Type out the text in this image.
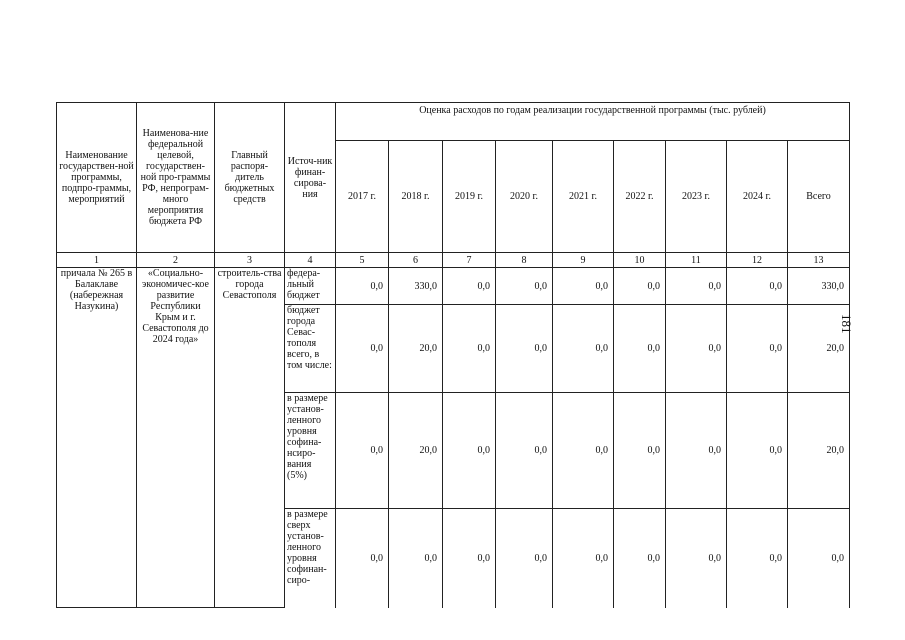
Наименование государствен-ной программы, подпро-граммы, мероприятий	Наименова-ние федеральной целевой, государствен-ной про-граммы РФ, непрограм-много мероприятия бюджета РФ	Главный распоря-дитель бюджетных средств	Источ-ник финан-сирова-ния	Оценка расходов по годам реализации государственной программы (тыс. рублей)								
				2017 г.	2018 г.	2019 г.	2020 г.	2021 г.	2022 г.	2023 г.	2024 г.	Всего
1	2	3	4	5	6	7	8	9	10	11	12	13
причала № 265 в Балаклаве (набережная Назукина)	«Социально-экономичес-кое развитие Республики Крым и г. Севастополя до 2024 года»	строитель-ства города Севастополя	федера-льный бюджет	0,0	330,0	0,0	0,0	0,0	0,0	0,0	0,0	330,0
			бюджет города Севас-тополя всего, в том числе:	0,0	20,0	0,0	0,0	0,0	0,0	0,0	0,0	20,0
			в размере установ-ленного уровня софина-нсиро-вания (5%)	0,0	20,0	0,0	0,0	0,0	0,0	0,0	0,0	20,0
			в размере сверх установ-ленного уровня софинан-сиро-	0,0	0,0	0,0	0,0	0,0	0,0	0,0	0,0	0,0
181
